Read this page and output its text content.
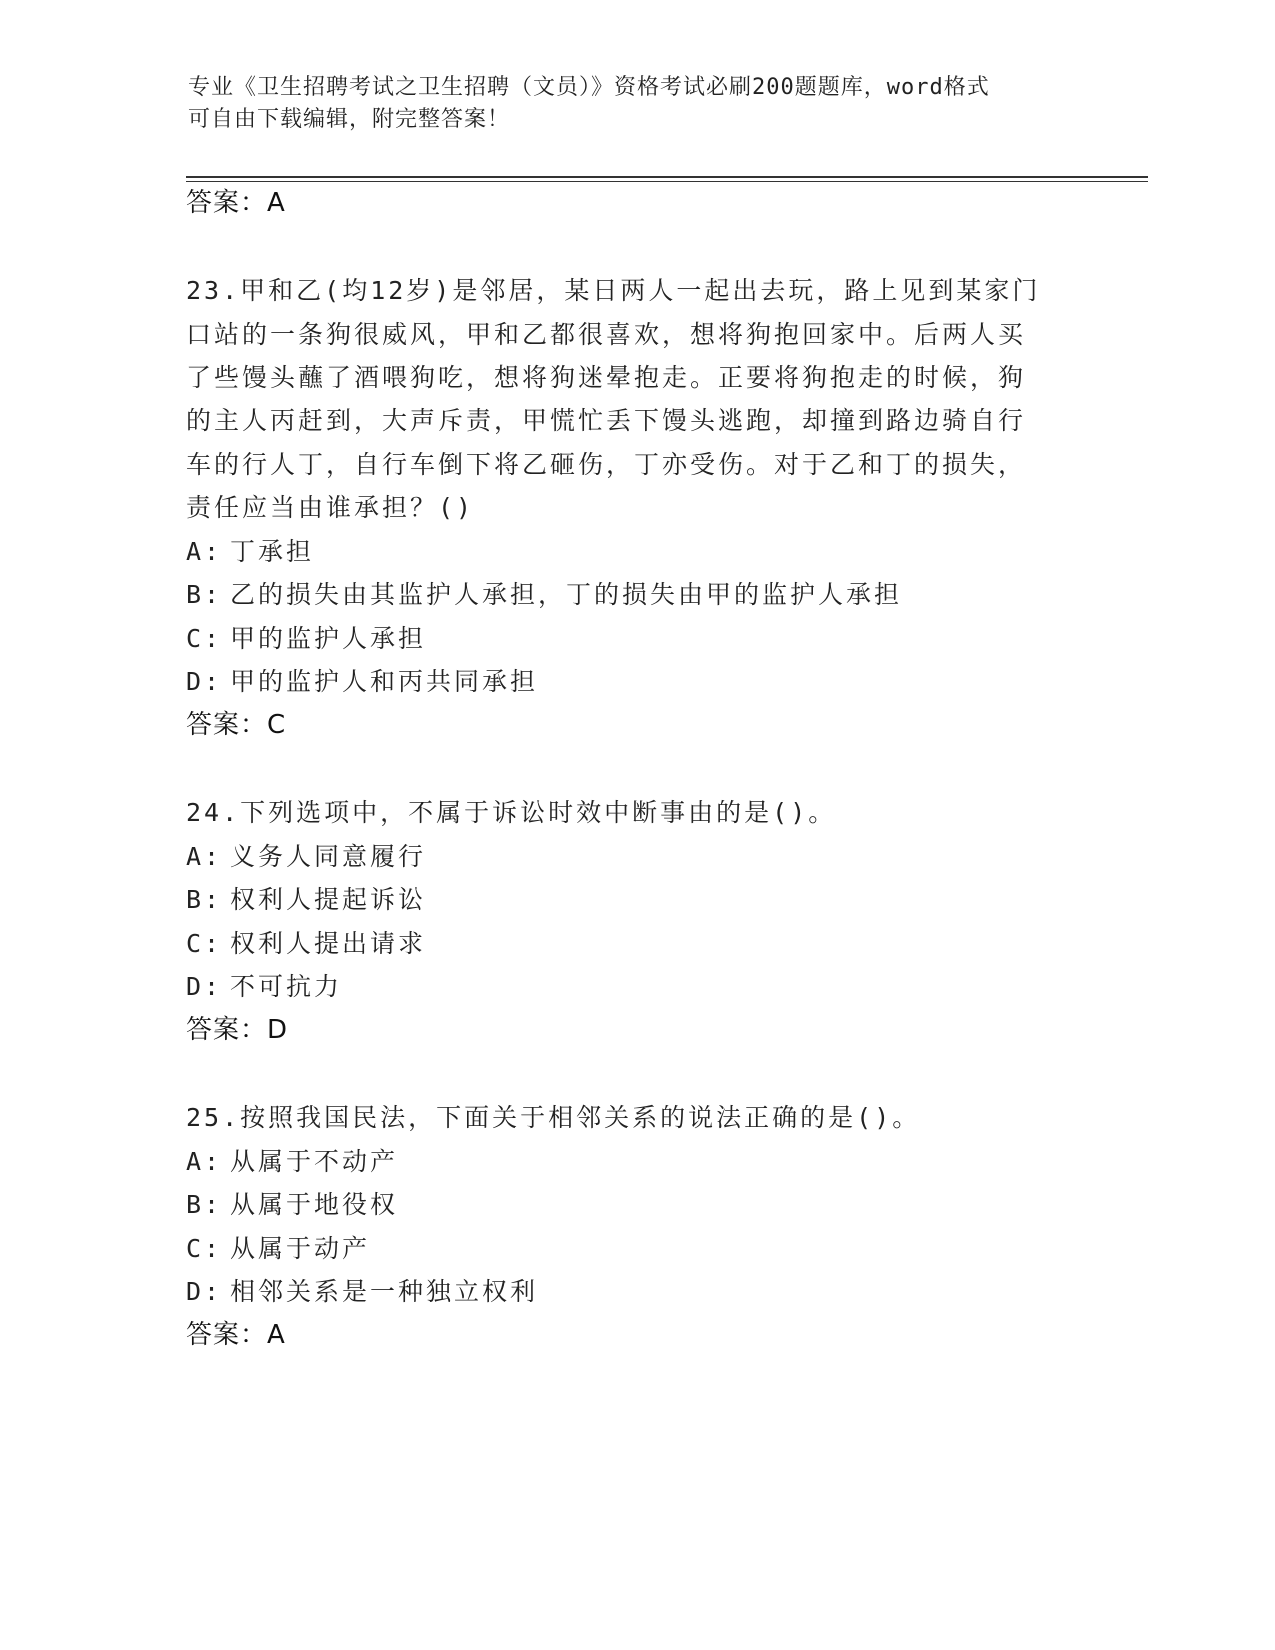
专业《卫生招聘考试之卫生招聘（文员）》资格考试必刷200题题库，word格式
可自由下载编辑，附完整答案！
答案：A
23.甲和乙(均12岁)是邻居，某日两人一起出去玩，路上见到某家门
口站的一条狗很威风，甲和乙都很喜欢，想将狗抱回家中。后两人买
了些馒头蘸了酒喂狗吃，想将狗迷晕抱走。正要将狗抱走的时候，狗
的主人丙赶到，大声斥责，甲慌忙丢下馒头逃跑，却撞到路边骑自行
车的行人丁，自行车倒下将乙砸伤，丁亦受伤。对于乙和丁的损失，
责任应当由谁承担？()
A: 丁承担
B: 乙的损失由其监护人承担，丁的损失由甲的监护人承担
C: 甲的监护人承担
D: 甲的监护人和丙共同承担
答案：C
24.下列选项中，不属于诉讼时效中断事由的是()。
A: 义务人同意履行
B: 权利人提起诉讼
C: 权利人提出请求
D: 不可抗力
答案：D
25.按照我国民法，下面关于相邻关系的说法正确的是()。
A: 从属于不动产
B: 从属于地役权
C: 从属于动产
D: 相邻关系是一种独立权利
答案：A
